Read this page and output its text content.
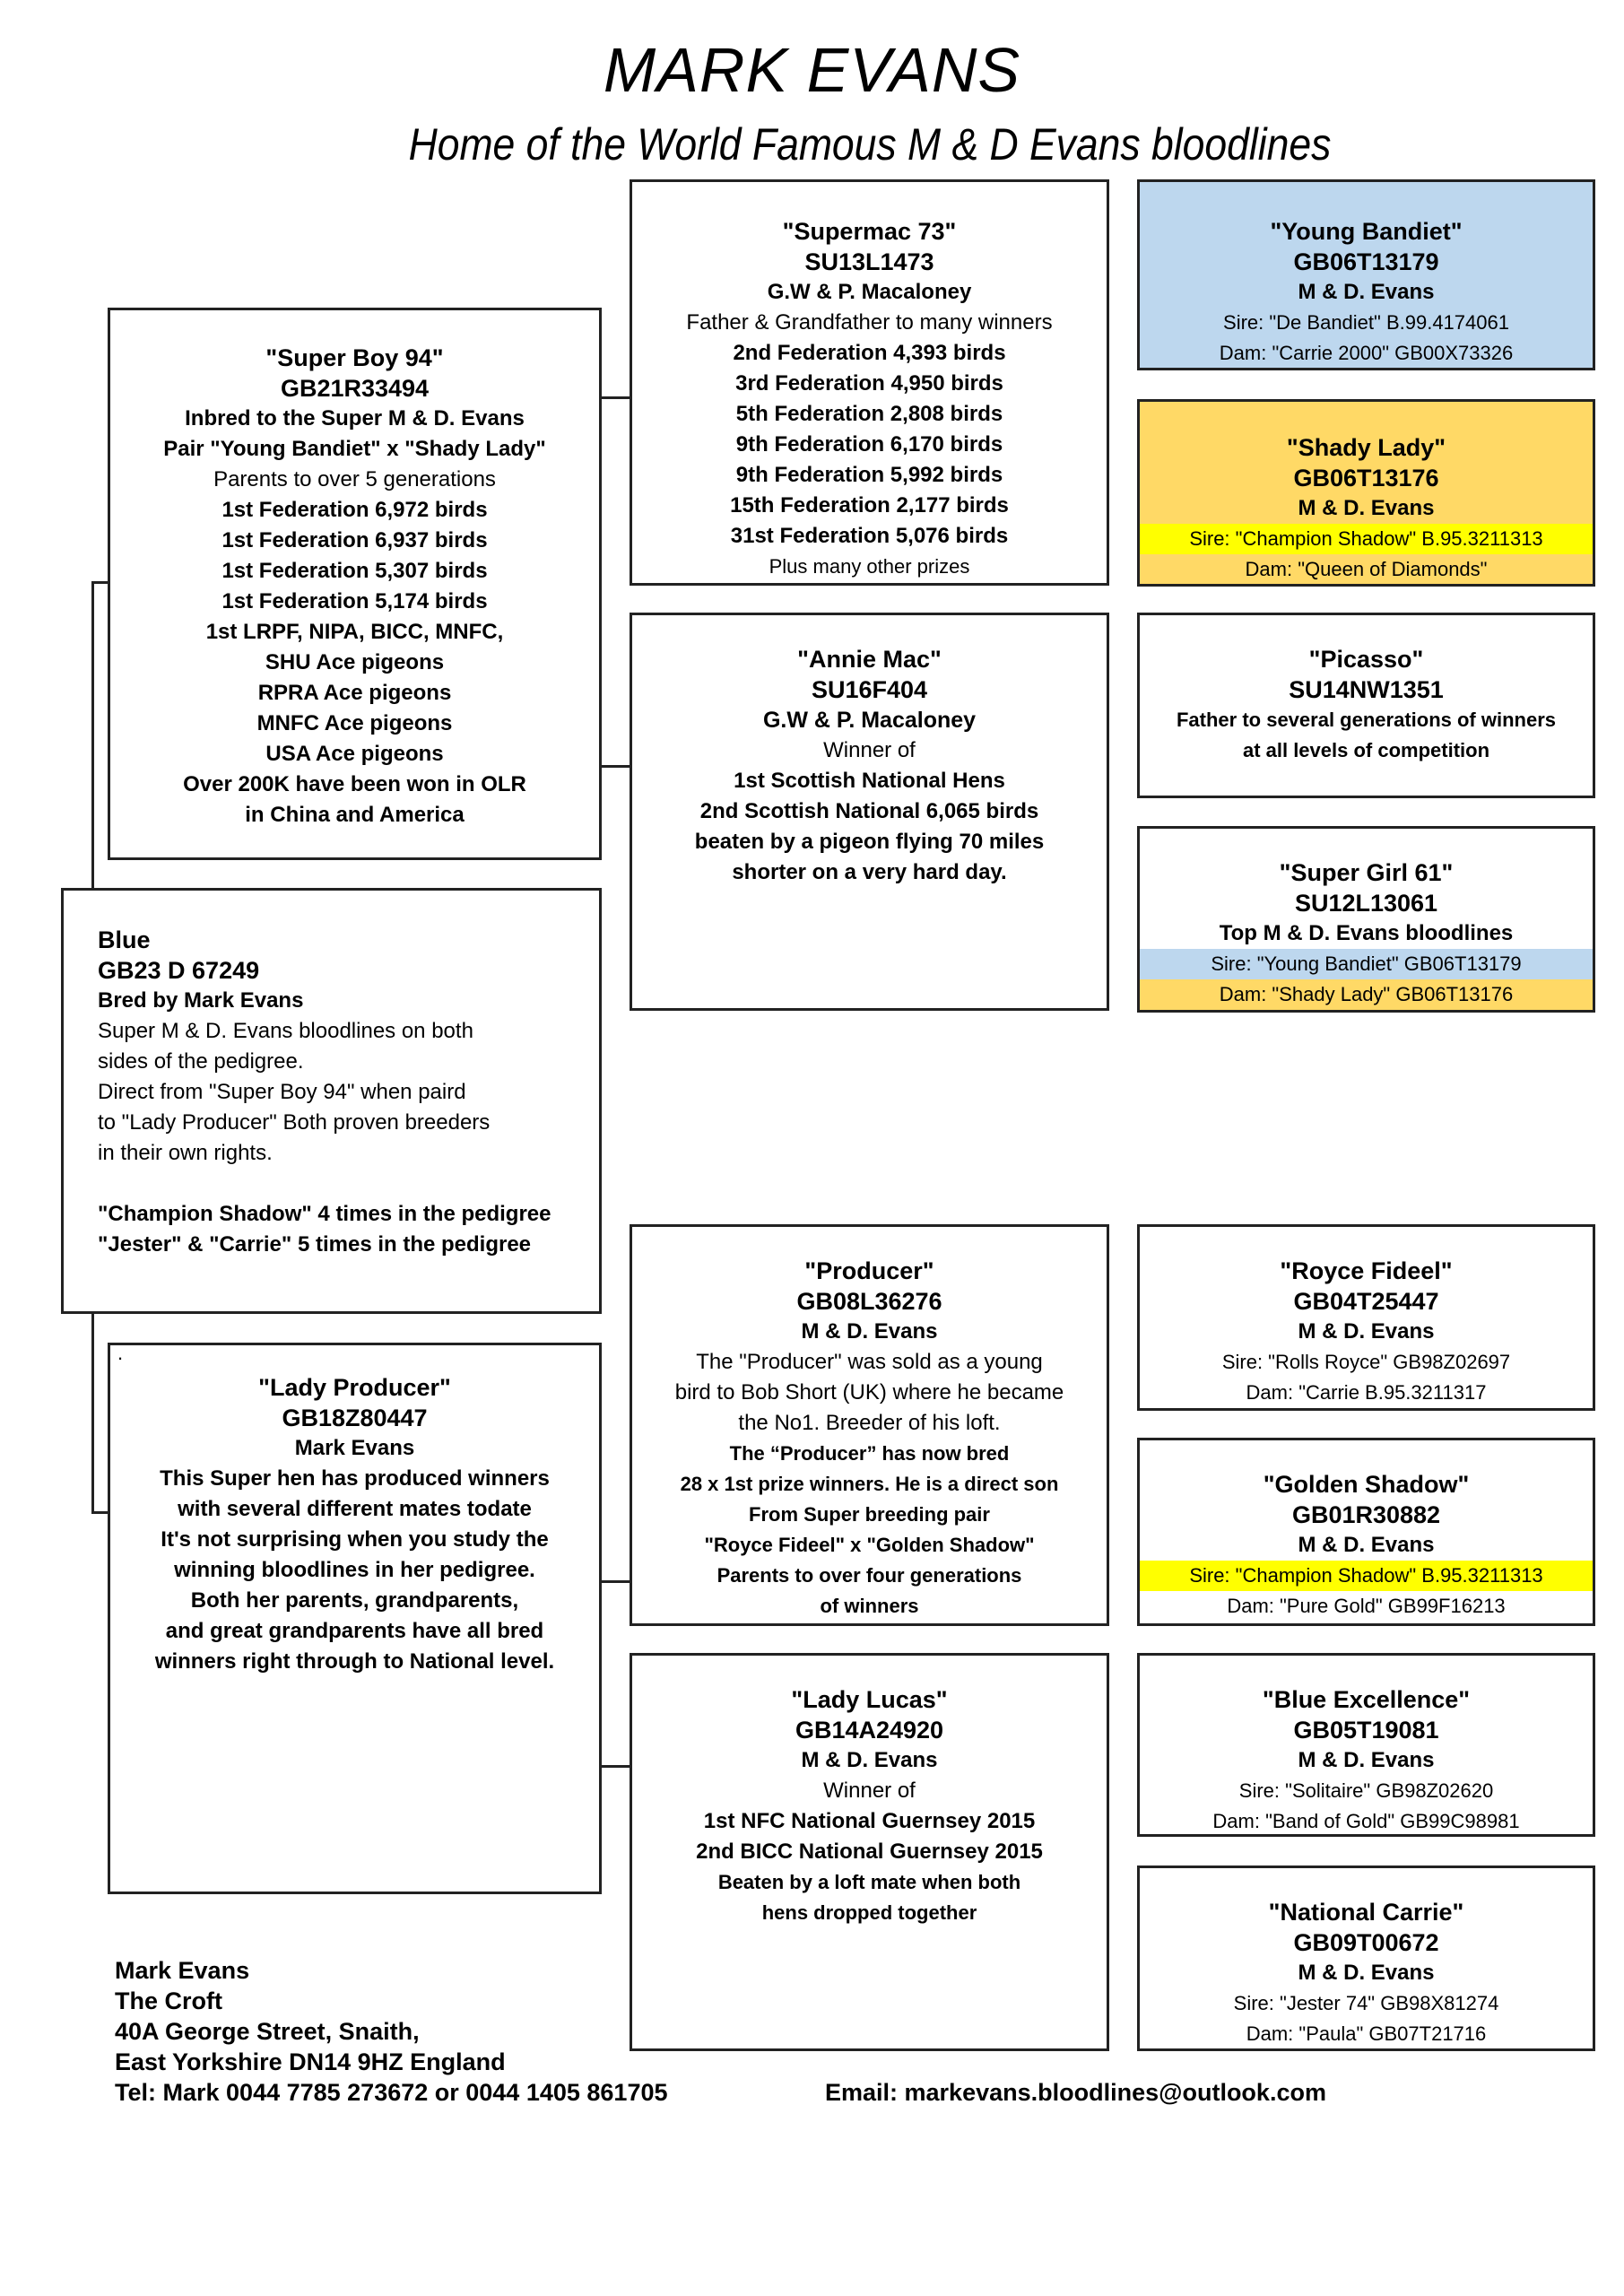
MARK EVANS
Home of the World Famous M & D Evans bloodlines
Blue
GB23 D 67249
Bred by Mark Evans
Super M & D. Evans bloodlines on both
sides of the pedigree.
Direct from "Super Boy 94" when paird
to "Lady Producer" Both proven breeders
in their own rights.
"Champion Shadow" 4 times in the pedigree
"Jester" & "Carrie" 5 times in the pedigree
"Super Boy 94"
GB21R33494
Inbred to the Super M & D. Evans
Pair "Young Bandiet" x "Shady Lady"
Parents to over 5 generations
1st Federation 6,972 birds
1st Federation 6,937 birds
1st Federation 5,307 birds
1st Federation 5,174 birds
1st LRPF, NIPA, BICC, MNFC,
SHU Ace pigeons
RPRA Ace pigeons
MNFC Ace pigeons
USA Ace pigeons
Over 200K have been won in OLR
in China and America
.
"Lady Producer"
GB18Z80447
Mark Evans
This Super hen has produced winners
with several different mates todate
It's not surprising when you study the
winning bloodlines in her pedigree.
Both her parents, grandparents,
and great grandparents have all bred
winners right through to National level.
"Supermac 73"
SU13L1473
G.W & P. Macaloney
Father & Grandfather to many winners
2nd Federation 4,393 birds
3rd Federation 4,950 birds
5th Federation 2,808 birds
9th Federation 6,170 birds
9th Federation 5,992 birds
15th Federation 2,177 birds
31st Federation 5,076 birds
Plus many other prizes
"Annie Mac"
SU16F404
G.W & P. Macaloney
Winner of
1st Scottish National Hens
2nd Scottish National 6,065 birds
beaten by a pigeon flying 70 miles
shorter on a very hard day.
"Producer"
GB08L36276
M & D. Evans
The "Producer" was sold as a young
bird to Bob Short (UK) where he became
the No1. Breeder of his loft.
The “Producer” has now bred
28 x 1st prize winners. He is a direct son
From Super breeding pair
"Royce Fideel" x "Golden Shadow"
Parents to over four generations
of winners
"Lady Lucas"
GB14A24920
M & D. Evans
Winner of
1st NFC National Guernsey 2015
2nd BICC National Guernsey 2015
Beaten by a loft mate when both
hens dropped together
"Young Bandiet"
GB06T13179
M & D. Evans
Sire: "De Bandiet" B.99.4174061
Dam: "Carrie 2000" GB00X73326
"Shady Lady"
GB06T13176
M & D. Evans
Sire: "Champion Shadow" B.95.3211313
Dam: "Queen of Diamonds"
"Picasso"
SU14NW1351
Father to several generations of winners
at all levels of competition
"Super Girl 61"
SU12L13061
Top M & D. Evans bloodlines
Sire: "Young Bandiet" GB06T13179
Dam: "Shady Lady" GB06T13176
"Royce Fideel"
GB04T25447
M & D. Evans
Sire: "Rolls Royce" GB98Z02697
Dam: "Carrie B.95.3211317
"Golden Shadow"
GB01R30882
M & D. Evans
Sire: "Champion Shadow" B.95.3211313
Dam: "Pure Gold" GB99F16213
"Blue Excellence"
GB05T19081
M & D. Evans
Sire: "Solitaire" GB98Z02620
Dam: "Band of Gold" GB99C98981
"National Carrie"
GB09T00672
M & D. Evans
Sire: "Jester 74" GB98X81274
Dam: "Paula" GB07T21716
Mark Evans
The Croft
40A George Street, Snaith,
East Yorkshire DN14 9HZ England
Tel: Mark 0044 7785 273672 or 0044 1405 861705	Email: markevans.bloodlines@outlook.com
